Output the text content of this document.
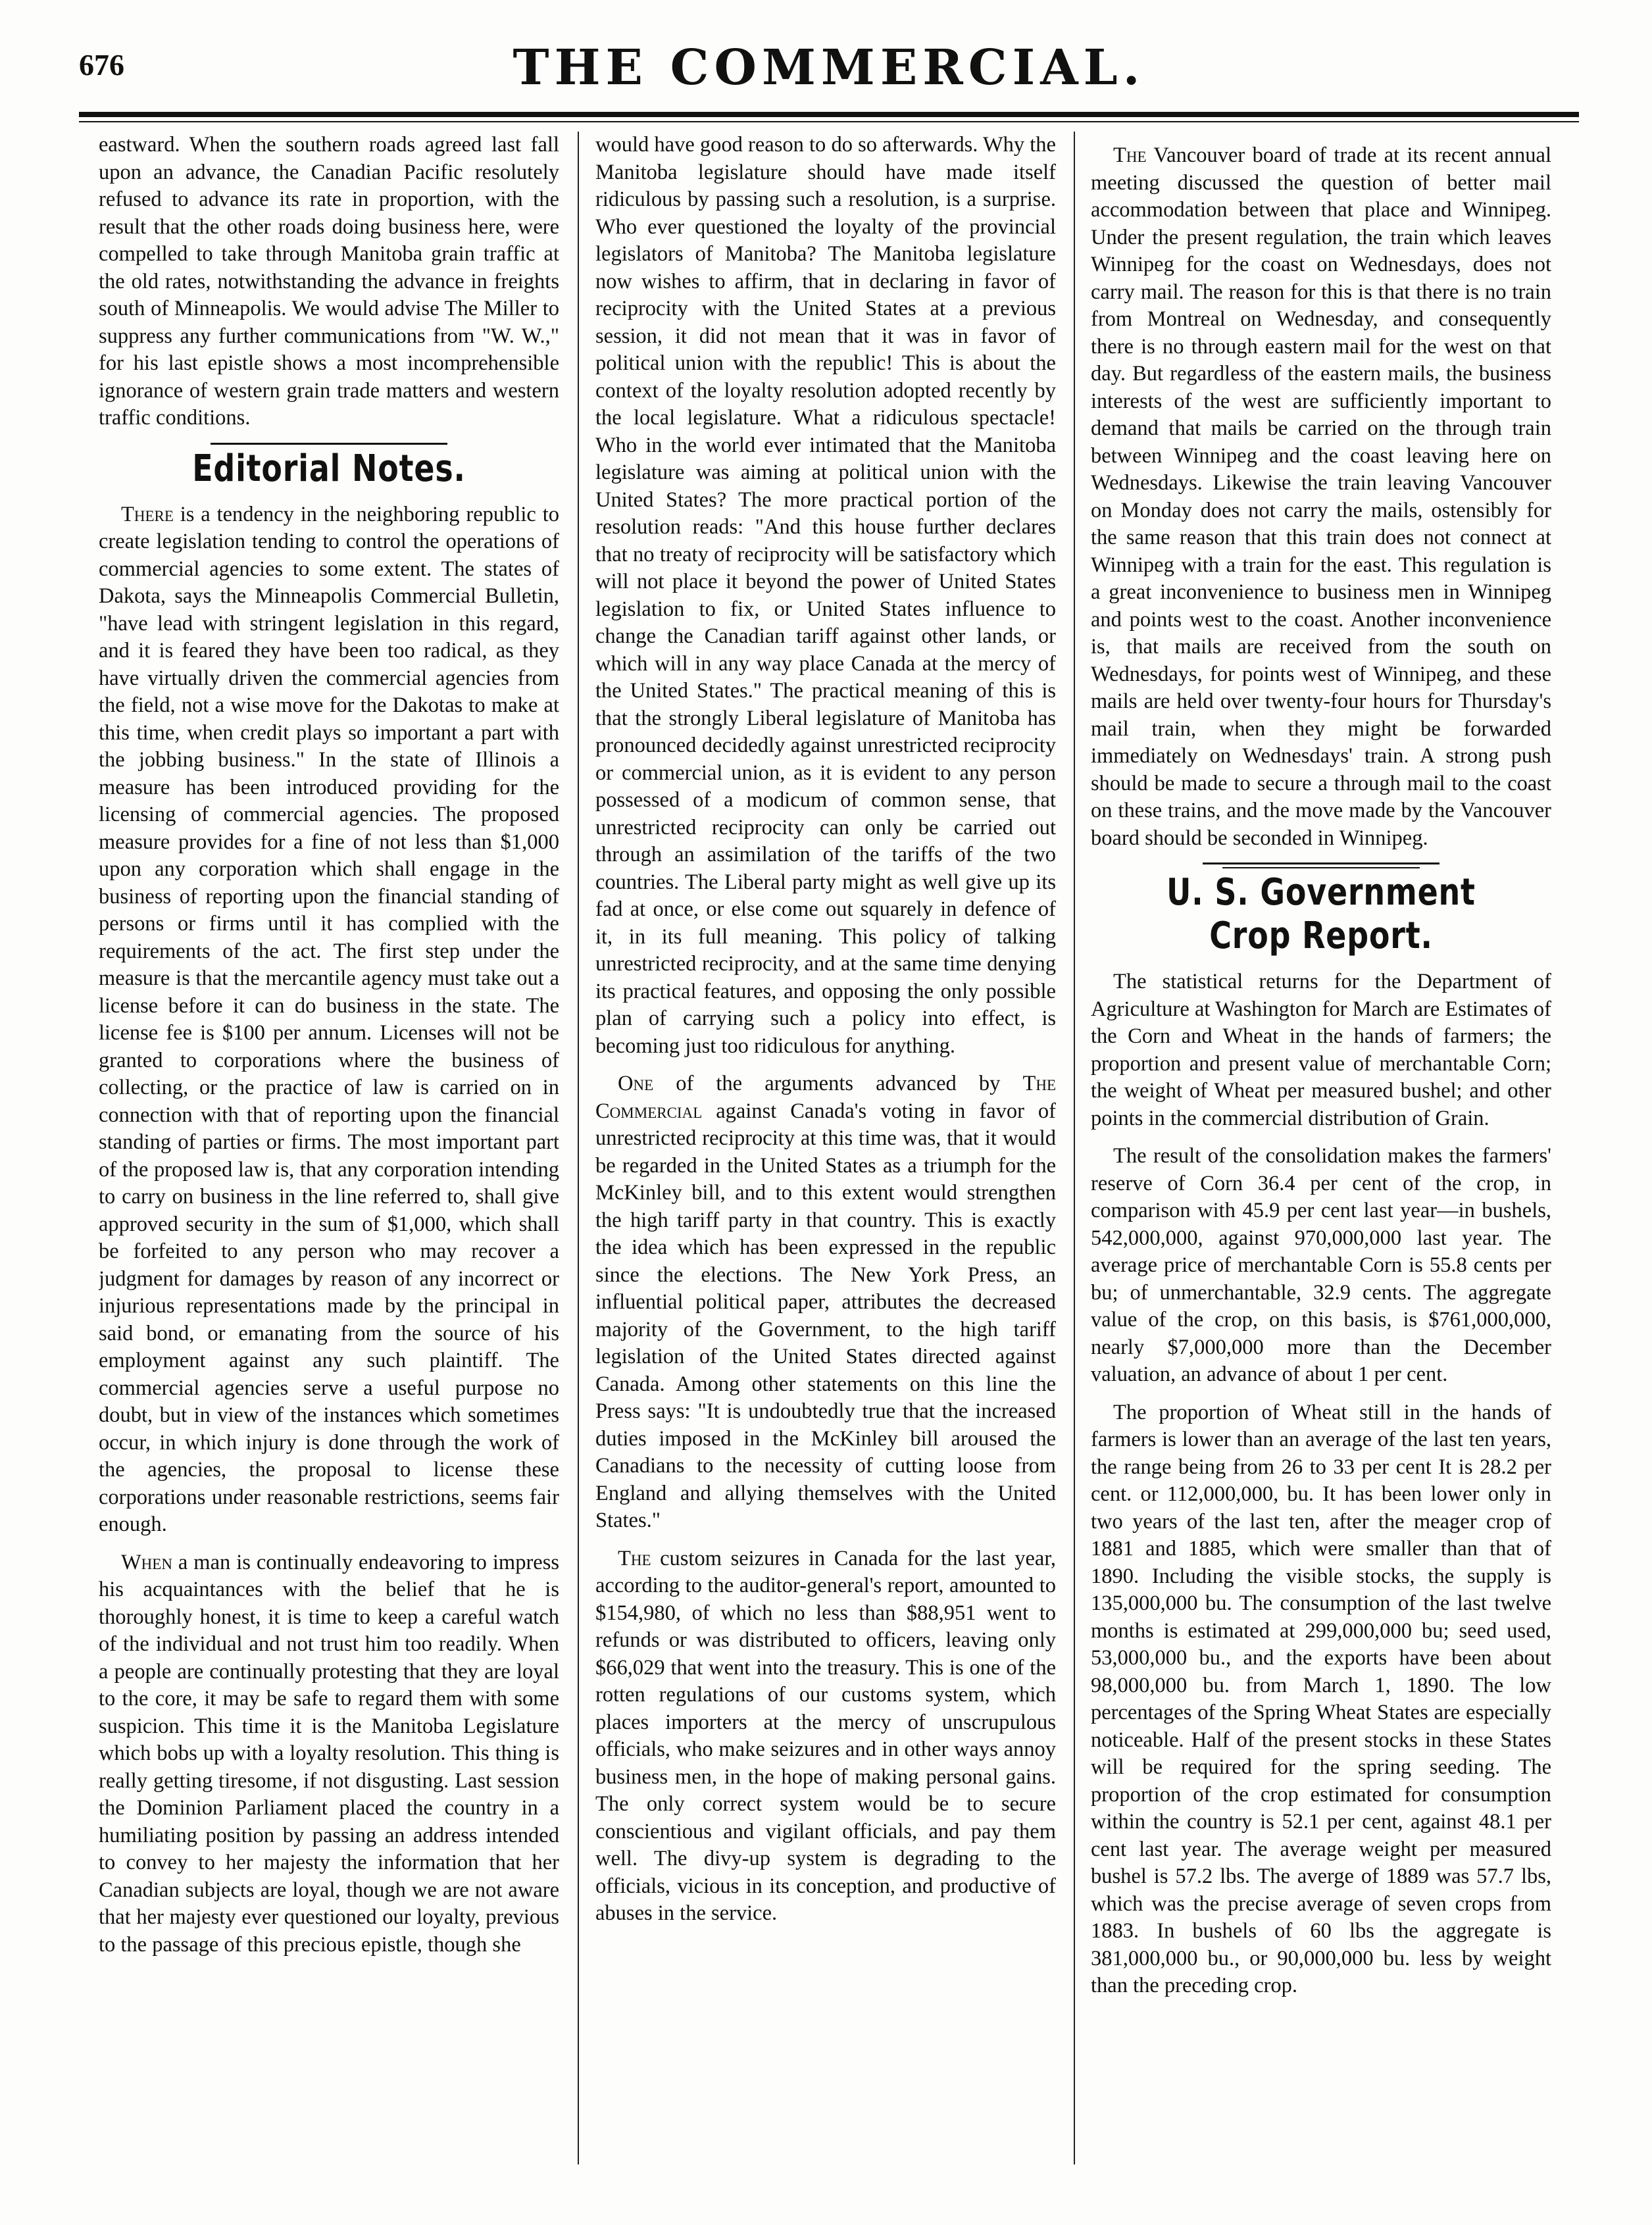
THE COMMERCIAL.
676

eastward. When the southern roads agreed last fall upon an advance, the Canadian Pacific resolutely refused to advance its rate in proportion, with the result that the other roads doing business here, were compelled to take through Manitoba grain traffic at the old rates, notwithstanding the advance in freights south of Minneapolis. We would advise The Miller to suppress any further communications from "W. W.," for his last epistle shows a most incomprehensible ignorance of western grain trade matters and western traffic conditions.

Editorial Notes.

There is a tendency in the neighboring republic to create legislation tending to control the operations of commercial agencies to some extent. The states of Dakota, says the Minneapolis Commercial Bulletin, "have lead with stringent legislation in this regard, and it is feared they have been too radical, as they have virtually driven the commercial agencies from the field, not a wise move for the Dakotas to make at this time, when credit plays so important a part with the jobbing business." In the state of Illinois a measure has been introduced providing for the licensing of commercial agencies. The proposed measure provides for a fine of not less than $1,000 upon any corporation which shall engage in the business of reporting upon the financial standing of persons or firms until it has complied with the requirements of the act. The first step under the measure is that the mercantile agency must take out a license before it can do business in the state. The license fee is $100 per annum. Licenses will not be granted to corporations where the business of collecting, or the practice of law is carried on in connection with that of reporting upon the financial standing of parties or firms. The most important part of the proposed law is, that any corporation intending to carry on business in the line referred to, shall give approved security in the sum of $1,000, which shall be forfeited to any person who may recover a judgment for damages by reason of any incorrect or injurious representations made by the principal in said bond, or emanating from the source of his employment against any such plaintiff. The commercial agencies serve a useful purpose no doubt, but in view of the instances which sometimes occur, in which injury is done through the work of the agencies, the proposal to license these corporations under reasonable restrictions, seems fair enough.

When a man is continually endeavoring to impress his acquaintances with the belief that he is thoroughly honest, it is time to keep a careful watch of the individual and not trust him too readily. When a people are continually protesting that they are loyal to the core, it may be safe to regard them with some suspicion. This time it is the Manitoba Legislature which bobs up with a loyalty resolution. This thing is really getting tiresome, if not disgusting. Last session the Dominion Parliament placed the country in a humiliating position by passing an address intended to convey to her majesty the information that her Canadian subjects are loyal, though we are not aware that her majesty ever questioned our loyalty, previous to the passage of this precious epistle, though she

would have good reason to do so afterwards. Why the Manitoba legislature should have made itself ridiculous by passing such a resolution, is a surprise. Who ever questioned the loyalty of the provincial legislators of Manitoba? The Manitoba legislature now wishes to affirm, that in declaring in favor of reciprocity with the United States at a previous session, it did not mean that it was in favor of political union with the republic! This is about the context of the loyalty resolution adopted recently by the local legislature. What a ridiculous spectacle! Who in the world ever intimated that the Manitoba legislature was aiming at political union with the United States? The more practical portion of the resolution reads: "And this house further declares that no treaty of reciprocity will be satisfactory which will not place it beyond the power of United States legislation to fix, or United States influence to change the Canadian tariff against other lands, or which will in any way place Canada at the mercy of the United States." The practical meaning of this is that the strongly Liberal legislature of Manitoba has pronounced decidedly against unrestricted reciprocity or commercial union, as it is evident to any person possessed of a modicum of common sense, that unrestricted reciprocity can only be carried out through an assimilation of the tariffs of the two countries. The Liberal party might as well give up its fad at once, or else come out squarely in defence of it, in its full meaning. This policy of talking unrestricted reciprocity, and at the same time denying its practical features, and opposing the only possible plan of carrying such a policy into effect, is becoming just too ridiculous for anything.

One of the arguments advanced by The Commercial against Canada's voting in favor of unrestricted reciprocity at this time was, that it would be regarded in the United States as a triumph for the McKinley bill, and to this extent would strengthen the high tariff party in that country. This is exactly the idea which has been expressed in the republic since the elections. The New York Press, an influential political paper, attributes the decreased majority of the Government, to the high tariff legislation of the United States directed against Canada. Among other statements on this line the Press says: "It is undoubtedly true that the increased duties imposed in the McKinley bill aroused the Canadians to the necessity of cutting loose from England and allying themselves with the United States."

The custom seizures in Canada for the last year, according to the auditor-general's report, amounted to $154,980, of which no less than $88,951 went to refunds or was distributed to officers, leaving only $66,029 that went into the treasury. This is one of the rotten regulations of our customs system, which places importers at the mercy of unscrupulous officials, who make seizures and in other ways annoy business men, in the hope of making personal gains. The only correct system would be to secure conscientious and vigilant officials, and pay them well. The divy-up system is degrading to the officials, vicious in its conception, and productive of abuses in the service.

The Vancouver board of trade at its recent annual meeting discussed the question of better mail accommodation between that place and Winnipeg. Under the present regulation, the train which leaves Winnipeg for the coast on Wednesdays, does not carry mail. The reason for this is that there is no train from Montreal on Wednesday, and consequently there is no through eastern mail for the west on that day. But regardless of the eastern mails, the business interests of the west are sufficiently important to demand that mails be carried on the through train between Winnipeg and the coast leaving here on Wednesdays. Likewise the train leaving Vancouver on Monday does not carry the mails, ostensibly for the same reason that this train does not connect at Winnipeg with a train for the east. This regulation is a great inconvenience to business men in Winnipeg and points west to the coast. Another inconvenience is, that mails are received from the south on Wednesdays, for points west of Winnipeg, and these mails are held over twenty-four hours for Thursday's mail train, when they might be forwarded immediately on Wednesdays' train. A strong push should be made to secure a through mail to the coast on these trains, and the move made by the Vancouver board should be seconded in Winnipeg.

U. S. Government Crop Report.

The statistical returns for the Department of Agriculture at Washington for March are Estimates of the Corn and Wheat in the hands of farmers; the proportion and present value of merchantable Corn; the weight of Wheat per measured bushel; and other points in the commercial distribution of Grain.

The result of the consolidation makes the farmers' reserve of Corn 36.4 per cent of the crop, in comparison with 45.9 per cent last year—in bushels, 542,000,000, against 970,000,000 last year. The average price of merchantable Corn is 55.8 cents per bu; of unmerchantable, 32.9 cents. The aggregate value of the crop, on this basis, is $761,000,000, nearly $7,000,000 more than the December valuation, an advance of about 1 per cent.

The proportion of Wheat still in the hands of farmers is lower than an average of the last ten years, the range being from 26 to 33 per cent It is 28.2 per cent. or 112,000,000, bu. It has been lower only in two years of the last ten, after the meager crop of 1881 and 1885, which were smaller than that of 1890. Including the visible stocks, the supply is 135,000,000 bu. The consumption of the last twelve months is estimated at 299,000,000 bu; seed used, 53,000,000 bu., and the exports have been about 98,000,000 bu. from March 1, 1890. The low percentages of the Spring Wheat States are especially noticeable. Half of the present stocks in these States will be required for the spring seeding. The proportion of the crop estimated for consumption within the country is 52.1 per cent, against 48.1 per cent last year. The average weight per measured bushel is 57.2 lbs. The averge of 1889 was 57.7 lbs, which was the precise average of seven crops from 1883. In bushels of 60 lbs the aggregate is 381,000,000 bu., or 90,000,000 bu. less by weight than the preceding crop.
